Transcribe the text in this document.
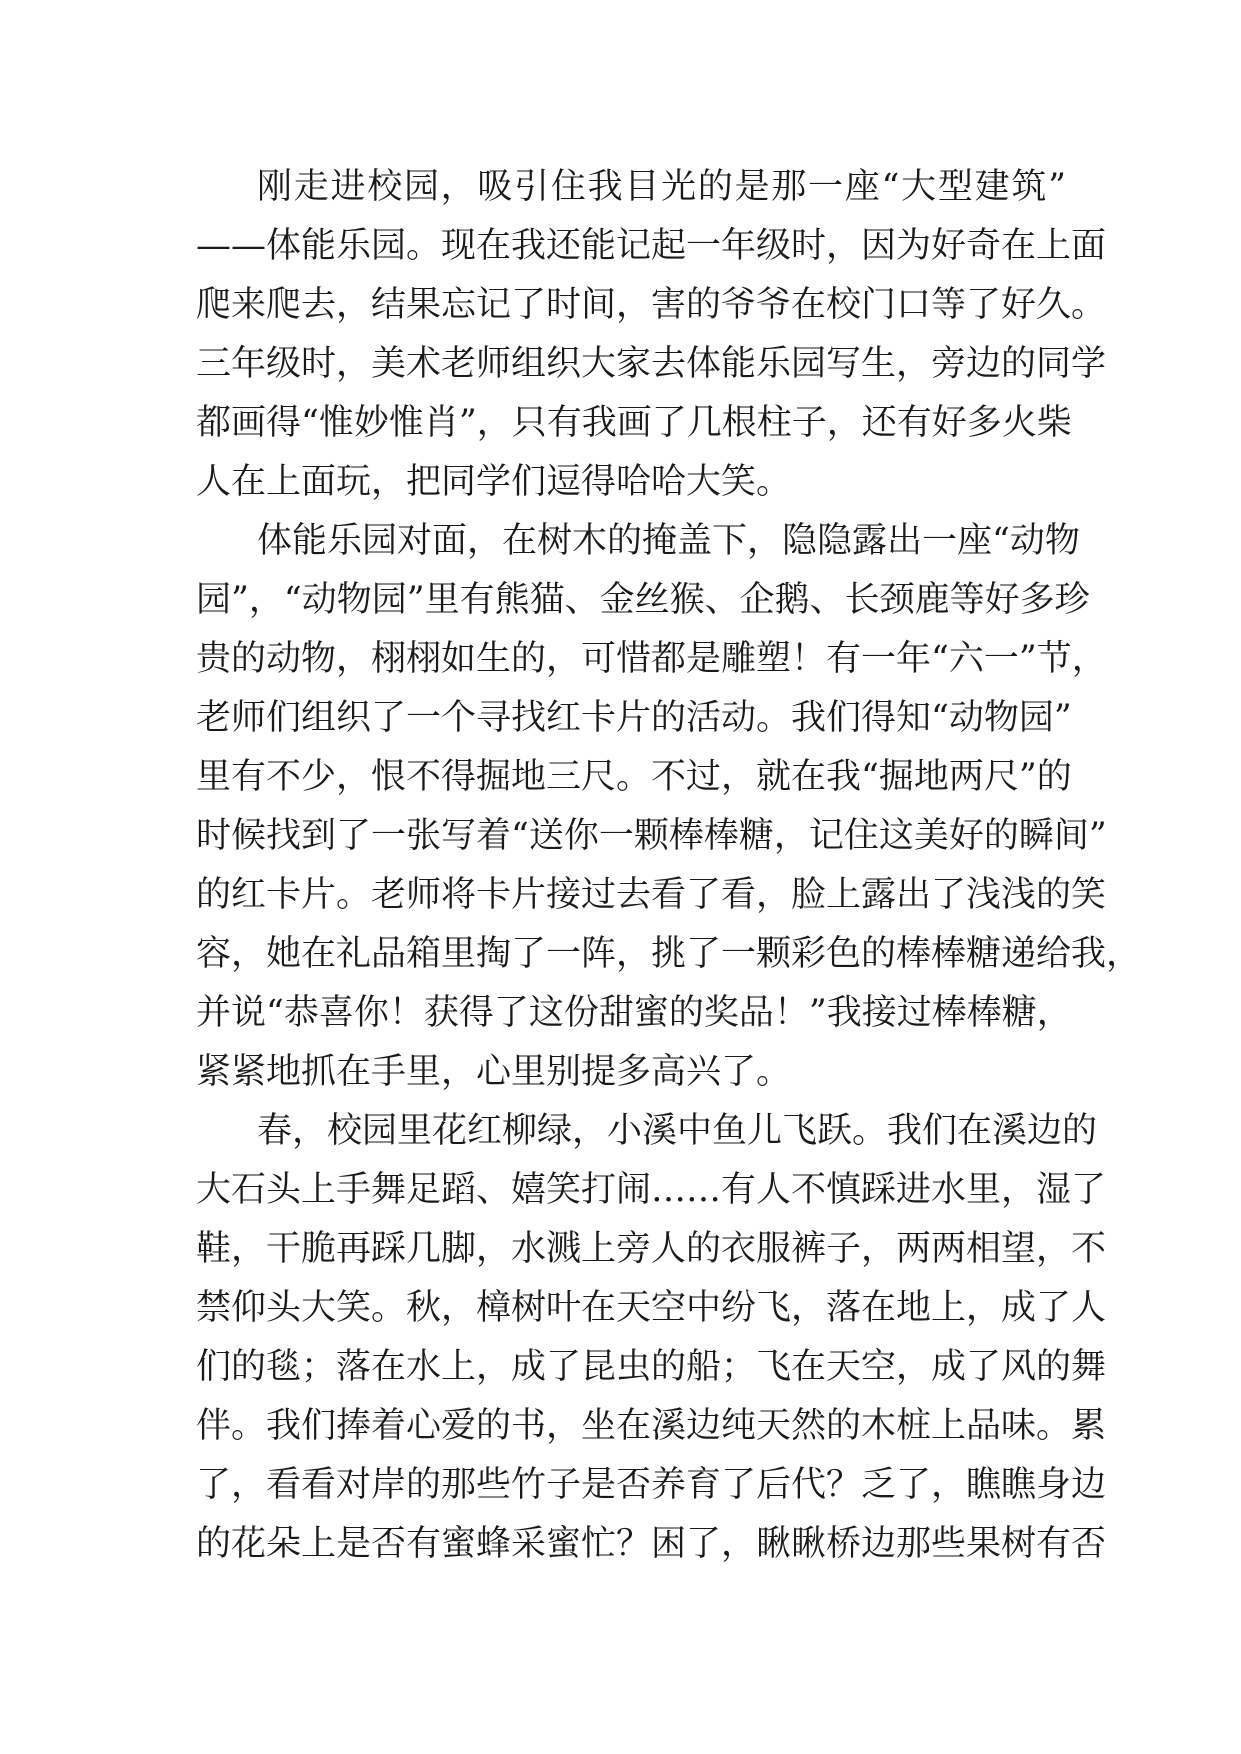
刚走进校园，吸引住我目光的是那一座“大型建筑”
——体能乐园。现在我还能记起一年级时，因为好奇在上面
爬来爬去，结果忘记了时间，害的爷爷在校门口等了好久。
三年级时，美术老师组织大家去体能乐园写生，旁边的同学
都画得“惟妙惟肖”，只有我画了几根柱子，还有好多火柴
人在上面玩，把同学们逗得哈哈大笑。
体能乐园对面，在树木的掩盖下，隐隐露出一座“动物
园”，“动物园”里有熊猫、金丝猴、企鹅、长颈鹿等好多珍
贵的动物，栩栩如生的，可惜都是雕塑！有一年“六一”节，
老师们组织了一个寻找红卡片的活动。我们得知“动物园”
里有不少，恨不得掘地三尺。不过，就在我“掘地两尺”的
时候找到了一张写着“送你一颗棒棒糖，记住这美好的瞬间”
的红卡片。老师将卡片接过去看了看，脸上露出了浅浅的笑
容，她在礼品箱里掏了一阵，挑了一颗彩色的棒棒糖递给我，
并说“恭喜你！获得了这份甜蜜的奖品！”我接过棒棒糖，
紧紧地抓在手里，心里别提多高兴了。
春，校园里花红柳绿，小溪中鱼儿飞跃。我们在溪边的
大石头上手舞足蹈、嬉笑打闹……有人不慎踩进水里，湿了
鞋，干脆再踩几脚，水溅上旁人的衣服裤子，两两相望，不
禁仰头大笑。秋，樟树叶在天空中纷飞，落在地上，成了人
们的毯；落在水上，成了昆虫的船；飞在天空，成了风的舞
伴。我们捧着心爱的书，坐在溪边纯天然的木桩上品味。累
了，看看对岸的那些竹子是否养育了后代？乏了，瞧瞧身边
的花朵上是否有蜜蜂采蜜忙？困了，瞅瞅桥边那些果树有否
